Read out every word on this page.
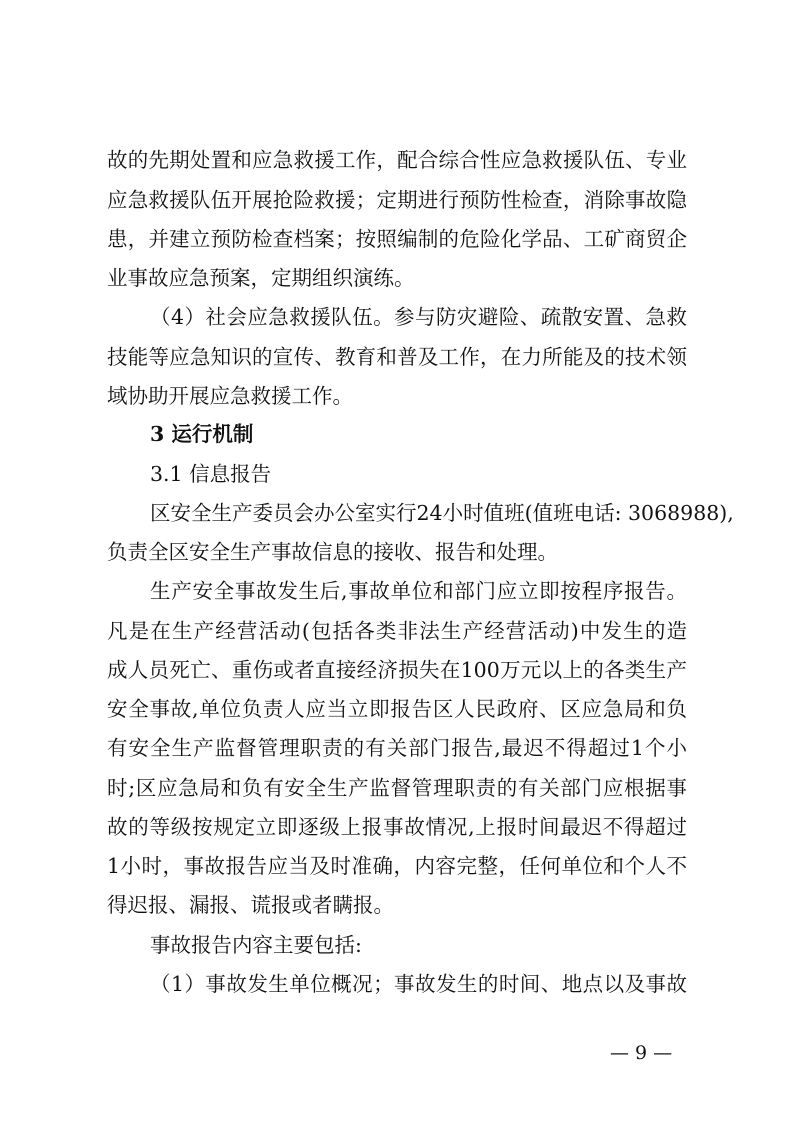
故的先期处置和应急救援工作，配合综合性应急救援队伍、专业
应急救援队伍开展抢险救援；定期进行预防性检查，消除事故隐
患，并建立预防检查档案；按照编制的危险化学品、工矿商贸企
业事故应急预案，定期组织演练。
（4）社会应急救援队伍。参与防灾避险、疏散安置、急救
技能等应急知识的宣传、教育和普及工作，在力所能及的技术领
域协助开展应急救援工作。
3 运行机制
3.1 信息报告
区安全生产委员会办公室实行24小时值班(值班电话: 3068988),
负责全区安全生产事故信息的接收、报告和处理。
生产安全事故发生后,事故单位和部门应立即按程序报告。
凡是在生产经营活动(包括各类非法生产经营活动)中发生的造
成人员死亡、重伤或者直接经济损失在100万元以上的各类生产
安全事故,单位负责人应当立即报告区人民政府、区应急局和负
有安全生产监督管理职责的有关部门报告,最迟不得超过1个小
时;区应急局和负有安全生产监督管理职责的有关部门应根据事
故的等级按规定立即逐级上报事故情况,上报时间最迟不得超过
1小时，事故报告应当及时准确，内容完整，任何单位和个人不
得迟报、漏报、谎报或者瞒报。
事故报告内容主要包括:
（1）事故发生单位概况；事故发生的时间、地点以及事故
— 9 —
